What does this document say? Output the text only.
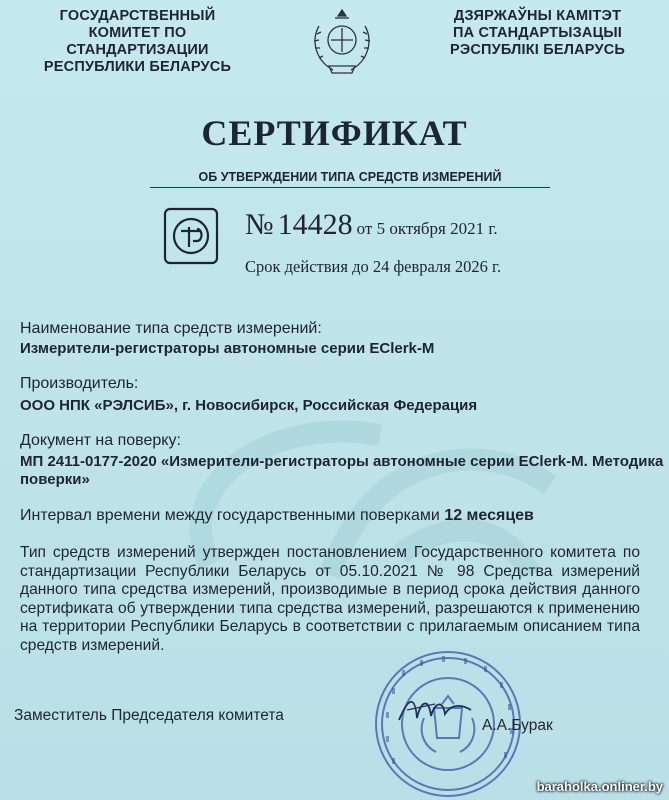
ГОСУДАРСТВЕННЫЙ
КОМИТЕТ ПО
СТАНДАРТИЗАЦИИ
РЕСПУБЛИКИ БЕЛАРУСЬ
ДЗЯРЖАЎНЫ КАМІТЭТ
ПА СТАНДАРТЫЗАЦЫІ
РЭСПУБЛІКІ БЕЛАРУСЬ
СЕРТИФИКАТ
ОБ УТВЕРЖДЕНИИ ТИПА СРЕДСТВ ИЗМЕРЕНИЙ
№ 14428 от 5 октября 2021 г.
Срок действия до 24 февраля 2026 г.
Наименование типа средств измерений:
Измерители-регистраторы автономные серии EClerk-M
Производитель:
ООО НПК «РЭЛСИБ», г. Новосибирск, Российская Федерация
Документ на поверку:
МП 2411-0177-2020 «Измерители-регистраторы автономные серии EClerk-M. Методика
поверки»
Интервал времени между государственными поверками 12 месяцев
Тип средств измерений утвержден постановлением Государственного комитета по стандартизации Республики Беларусь от 05.10.2021 № 98 Средства измерений данного типа средства измерений, производимые в период срока действия данного сертификата об утверждении типа средства измерений, разрешаются к применению на территории Республики Беларусь в соответствии с прилагаемым описанием типа средств измерений.
Заместитель Председателя комитета
А.А.Бурак
baraholka.onliner.by
